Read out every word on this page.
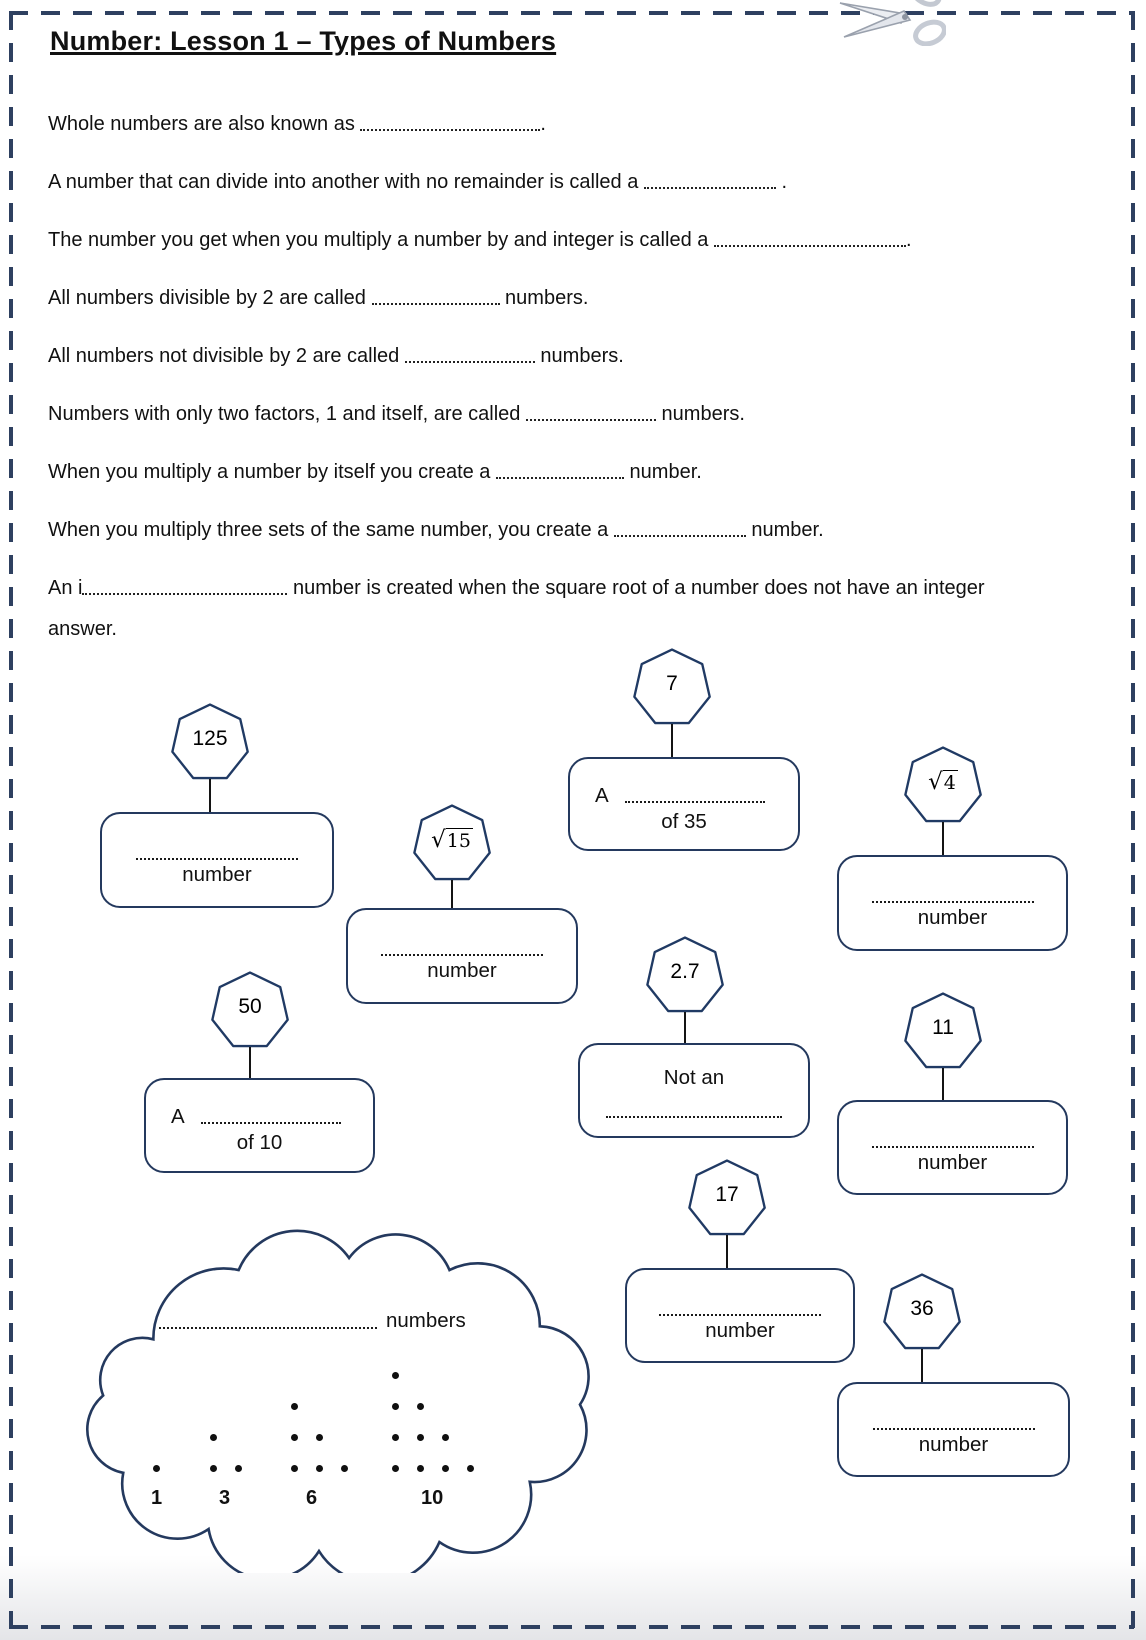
Number: Lesson 1 – Types of Numbers

Whole numbers are also known as	.

A number that can divide into another with no remainder is called a	.

The number you get when you multiply a number by and integer is called a	.

All numbers divisible by 2 are called	numbers.

All numbers not divisible by 2 are called	numbers.

Numbers with only two factors, 1 and itself, are called	numbers.

When you multiply a number by itself you create a	number.

When you multiply three sets of the same number, you create a	number.

An i	number is created when the square root of a number does not have an integer answer.

125
number
7
A
of 35
√ 15
number
√ 4
number
50
A
of 10
2.7
Not an
11
number
17
number
36
number
numbers
1	3	6	10
